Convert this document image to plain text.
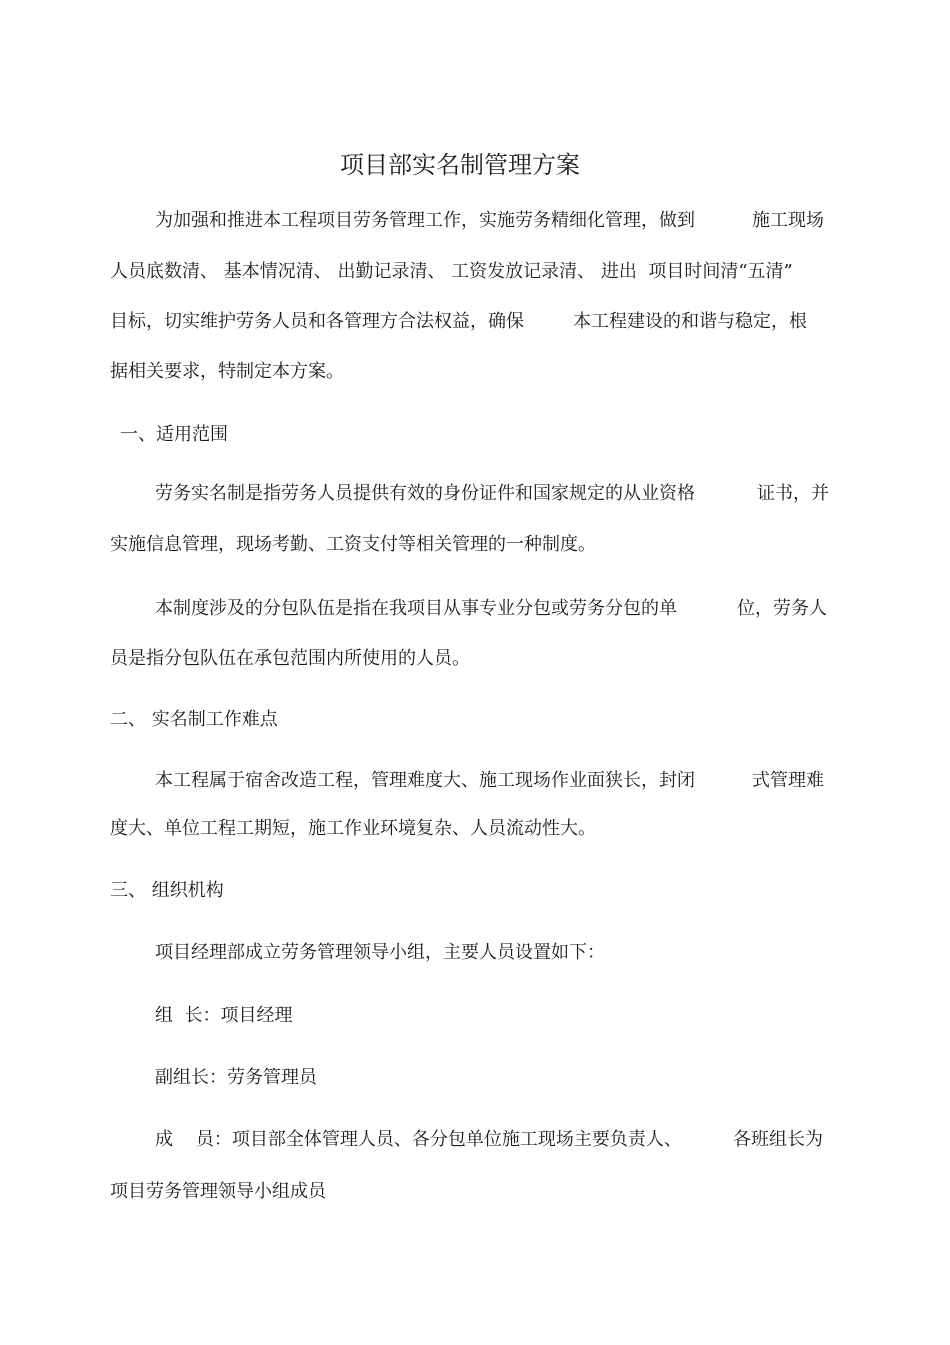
项目部实名制管理方案
为加强和推进本工程项目劳务管理工作，实施劳务精细化管理，做到	施工现场
人员底数清、 基本情况清、 出勤记录清、 工资发放记录清、 进出  项目时间清“五清”
目标，切实维护劳务人员和各管理方合法权益，确保	本工程建设的和谐与稳定，根
据相关要求，特制定本方案。
一、适用范围
劳务实名制是指劳务人员提供有效的身份证件和国家规定的从业资格	证书，并
实施信息管理，现场考勤、工资支付等相关管理的一种制度。
本制度涉及的分包队伍是指在我项目从事专业分包或劳务分包的单	位，劳务人
员是指分包队伍在承包范围内所使用的人员。
二、 实名制工作难点
本工程属于宿舍改造工程，管理难度大、施工现场作业面狭长，封闭	式管理难
度大、单位工程工期短，施工作业环境复杂、人员流动性大。
三、 组织机构
项目经理部成立劳务管理领导小组，主要人员设置如下：
组  长：项目经理
副组长：劳务管理员
成    员：项目部全体管理人员、各分包单位施工现场主要负责人、	各班组长为
项目劳务管理领导小组成员
